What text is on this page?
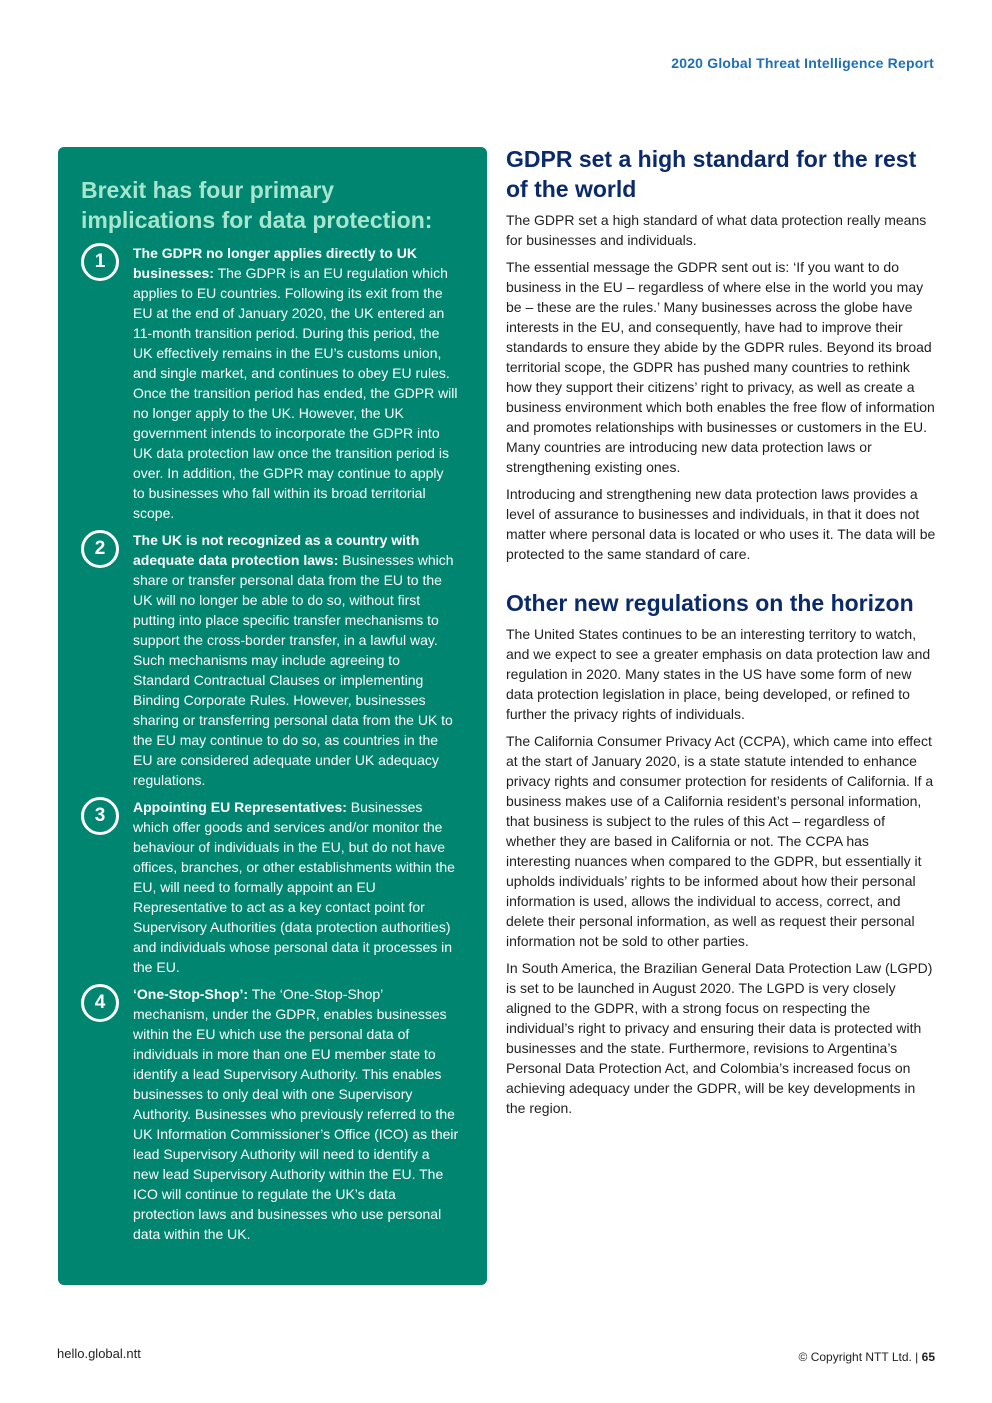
2020 Global Threat Intelligence Report
Brexit has four primary implications for data protection:
1	The GDPR no longer applies directly to UK businesses: The GDPR is an EU regulation which applies to EU countries. Following its exit from the EU at the end of January 2020, the UK entered an 11-month transition period. During this period, the UK effectively remains in the EU’s customs union, and single market, and continues to obey EU rules. Once the transition period has ended, the GDPR will no longer apply to the UK. However, the UK government intends to incorporate the GDPR into UK data protection law once the transition period is over. In addition, the GDPR may continue to apply to businesses who fall within its broad territorial scope.

2	The UK is not recognized as a country with adequate data protection laws: Businesses which share or transfer personal data from the EU to the UK will no longer be able to do so, without first putting into place specific transfer mechanisms to support the cross-border transfer, in a lawful way. Such mechanisms may include agreeing to Standard Contractual Clauses or implementing Binding Corporate Rules. However, businesses sharing or transferring personal data from the UK to the EU may continue to do so, as countries in the EU are considered adequate under UK adequacy regulations.

3	Appointing EU Representatives: Businesses which offer goods and services and/or monitor the behaviour of individuals in the EU, but do not have offices, branches, or other establishments within the EU, will need to formally appoint an EU Representative to act as a key contact point for Supervisory Authorities (data protection authorities) and individuals whose personal data it processes in the EU.

4	‘One-Stop-Shop’: The ‘One-Stop-Shop’ mechanism, under the GDPR, enables businesses within the EU which use the personal data of individuals in more than one EU member state to identify a lead Supervisory Authority. This enables businesses to only deal with one Supervisory Authority. Businesses who previously referred to the UK Information Commissioner’s Office (ICO) as their lead Supervisory Authority will need to identify a new lead Supervisory Authority within the EU. The ICO will continue to regulate the UK’s data protection laws and businesses who use personal data within the UK.

GDPR set a high standard for the rest of the world

The GDPR set a high standard of what data protection really means for businesses and individuals.

The essential message the GDPR sent out is: ‘If you want to do business in the EU – regardless of where else in the world you may be – these are the rules.’ Many businesses across the globe have interests in the EU, and consequently, have had to improve their standards to ensure they abide by the GDPR rules. Beyond its broad territorial scope, the GDPR has pushed many countries to rethink how they support their citizens’ right to privacy, as well as create a business environment which both enables the free flow of information and promotes relationships with businesses or customers in the EU. Many countries are introducing new data protection laws or strengthening existing ones.

Introducing and strengthening new data protection laws provides a level of assurance to businesses and individuals, in that it does not matter where personal data is located or who uses it. The data will be protected to the same standard of care.

Other new regulations on the horizon

The United States continues to be an interesting territory to watch, and we expect to see a greater emphasis on data protection law and regulation in 2020. Many states in the US have some form of new data protection legislation in place, being developed, or refined to further the privacy rights of individuals.

The California Consumer Privacy Act (CCPA), which came into effect at the start of January 2020, is a state statute intended to enhance privacy rights and consumer protection for residents of California. If a business makes use of a California resident’s personal information, that business is subject to the rules of this Act – regardless of whether they are based in California or not. The CCPA has interesting nuances when compared to the GDPR, but essentially it upholds individuals’ rights to be informed about how their personal information is used, allows the individual to access, correct, and delete their personal information, as well as request their personal information not be sold to other parties.

In South America, the Brazilian General Data Protection Law (LGPD) is set to be launched in August 2020. The LGPD is very closely aligned to the GDPR, with a strong focus on respecting the individual’s right to privacy and ensuring their data is protected with businesses and the state. Furthermore, revisions to Argentina’s Personal Data Protection Act, and Colombia’s increased focus on achieving adequacy under the GDPR, will be key developments in the region.

hello.global.ntt	© Copyright NTT Ltd. | 65
